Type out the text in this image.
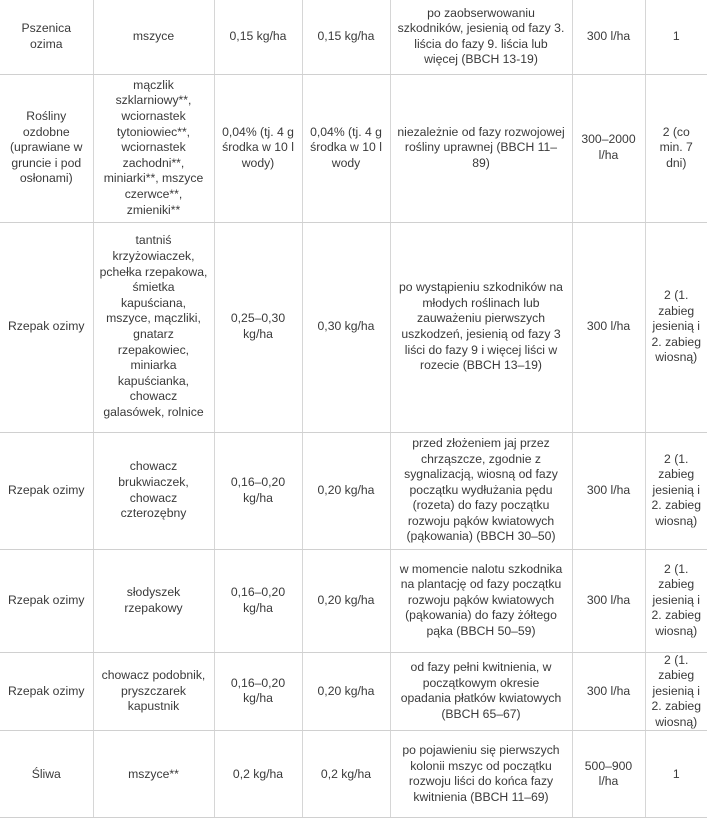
Pszenica ozima	mszyce	0,15 kg/ha	0,15 kg/ha	po zaobserwowaniu szkodników, jesienią od fazy 3. liścia do fazy 9. liścia lub więcej (BBCH 13-19)	300 l/ha	1
Rośliny ozdobne (uprawiane w gruncie i pod osłonami)	mączlik szklarniowy**, wciornastek tytoniowiec**, wciornastek zachodni**, miniarki**, mszyce czerwce**, zmieniki**	0,04% (tj. 4 g środka w 10 l wody)	0,04% (tj. 4 g środka w 10 l wody	niezależnie od fazy rozwojowej rośliny uprawnej (BBCH 11–89)	300–2000 l/ha	2 (co min. 7 dni)
Rzepak ozimy	tantniś krzyżowiaczek, pchełka rzepakowa, śmietka kapuściana, mszyce, mączliki, gnatarz rzepakowiec, miniarka kapuścianka, chowacz galasówek, rolnice	0,25–0,30 kg/ha	0,30 kg/ha	po wystąpieniu szkodników na młodych roślinach lub zauważeniu pierwszych uszkodzeń, jesienią od fazy 3 liści do fazy 9 i więcej liści w rozecie (BBCH 13–19)	300 l/ha	2 (1. zabieg jesienią i 2. zabieg wiosną)
Rzepak ozimy	chowacz brukwiaczek, chowacz czterozębny	0,16–0,20 kg/ha	0,20 kg/ha	przed złożeniem jaj przez chrząszcze, zgodnie z sygnalizacją, wiosną od fazy początku wydłużania pędu (rozeta) do fazy początku rozwoju pąków kwiatowych (pąkowania) (BBCH 30–50)	300 l/ha	2 (1. zabieg jesienią i 2. zabieg wiosną)
Rzepak ozimy	słodyszek rzepakowy	0,16–0,20 kg/ha	0,20 kg/ha	w momencie nalotu szkodnika na plantację od fazy początku rozwoju pąków kwiatowych (pąkowania) do fazy żółtego pąka (BBCH 50–59)	300 l/ha	2 (1. zabieg jesienią i 2. zabieg wiosną)
Rzepak ozimy	chowacz podobnik, pryszczarek kapustnik	0,16–0,20 kg/ha	0,20 kg/ha	od fazy pełni kwitnienia, w początkowym okresie opadania płatków kwiatowych (BBCH 65–67)	300 l/ha	2 (1. zabieg jesienią i 2. zabieg wiosną)
Śliwa	mszyce**	0,2 kg/ha	0,2 kg/ha	po pojawieniu się pierwszych kolonii mszyc od początku rozwoju liści do końca fazy kwitnienia (BBCH 11–69)	500–900 l/ha	1
